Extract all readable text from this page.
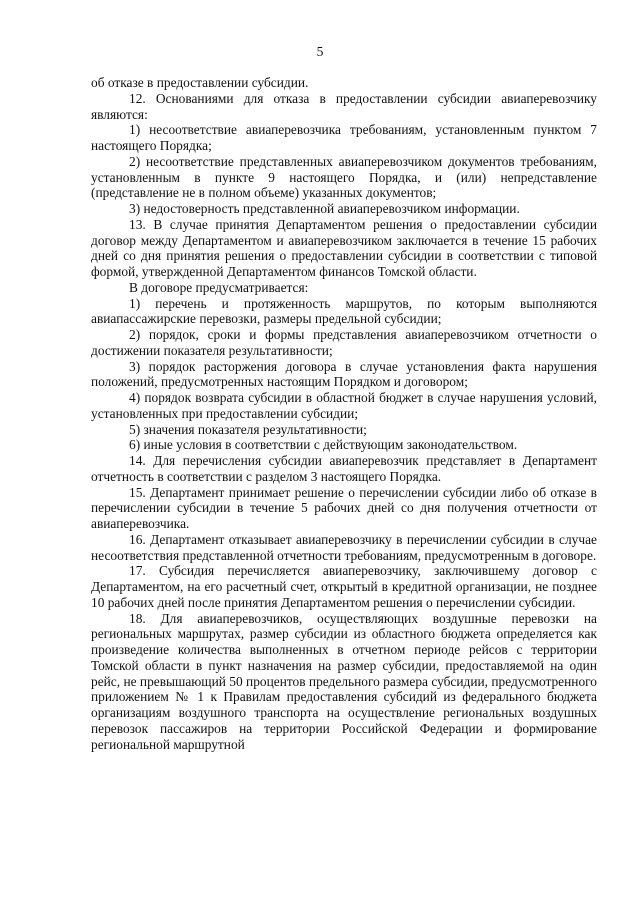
5

об отказе в предоставлении субсидии.

12. Основаниями для отказа в предоставлении субсидии авиаперевозчику являются:

1) несоответствие авиаперевозчика требованиям, установленным пунктом 7 настоящего Порядка;

2) несоответствие представленных авиаперевозчиком документов требованиям, установленным в пункте 9 настоящего Порядка, и (или) непредставление (представление не в полном объеме) указанных документов;

3) недостоверность представленной авиаперевозчиком информации.

13. В случае принятия Департаментом решения о предоставлении субсидии договор между Департаментом и авиаперевозчиком заключается в течение 15 рабочих дней со дня принятия решения о предоставлении субсидии в соответствии с типовой формой, утвержденной Департаментом финансов Томской области.

В договоре предусматривается:

1) перечень и протяженность маршрутов, по которым выполняются авиапассажирские перевозки, размеры предельной субсидии;

2) порядок, сроки и формы представления авиаперевозчиком отчетности о достижении показателя результативности;

3) порядок расторжения договора в случае установления факта нарушения положений, предусмотренных настоящим Порядком и договором;

4) порядок возврата субсидии в областной бюджет в случае нарушения условий, установленных при предоставлении субсидии;

5) значения показателя результативности;

6) иные условия в соответствии с действующим законодательством.

14. Для перечисления субсидии авиаперевозчик представляет в Департамент отчетность в соответствии с разделом 3 настоящего Порядка.

15. Департамент принимает решение о перечислении субсидии либо об отказе в перечислении субсидии в течение 5 рабочих дней со дня получения отчетности от авиаперевозчика.

16. Департамент отказывает авиаперевозчику в перечислении субсидии в случае несоответствия представленной отчетности требованиям, предусмотренным в договоре.

17. Субсидия перечисляется авиаперевозчику, заключившему договор с Департаментом, на его расчетный счет, открытый в кредитной организации, не позднее 10 рабочих дней после принятия Департаментом решения о перечислении субсидии.

18. Для авиаперевозчиков, осуществляющих воздушные перевозки на региональных маршрутах, размер субсидии из областного бюджета определяется как произведение количества выполненных в отчетном периоде рейсов с территории Томской области в пункт назначения на размер субсидии, предоставляемой на один рейс, не превышающий 50 процентов предельного размера субсидии, предусмотренного приложением № 1 к Правилам предоставления субсидий из федерального бюджета организациям воздушного транспорта на осуществление региональных воздушных перевозок пассажиров на территории Российской Федерации и формирование региональной маршрутной
